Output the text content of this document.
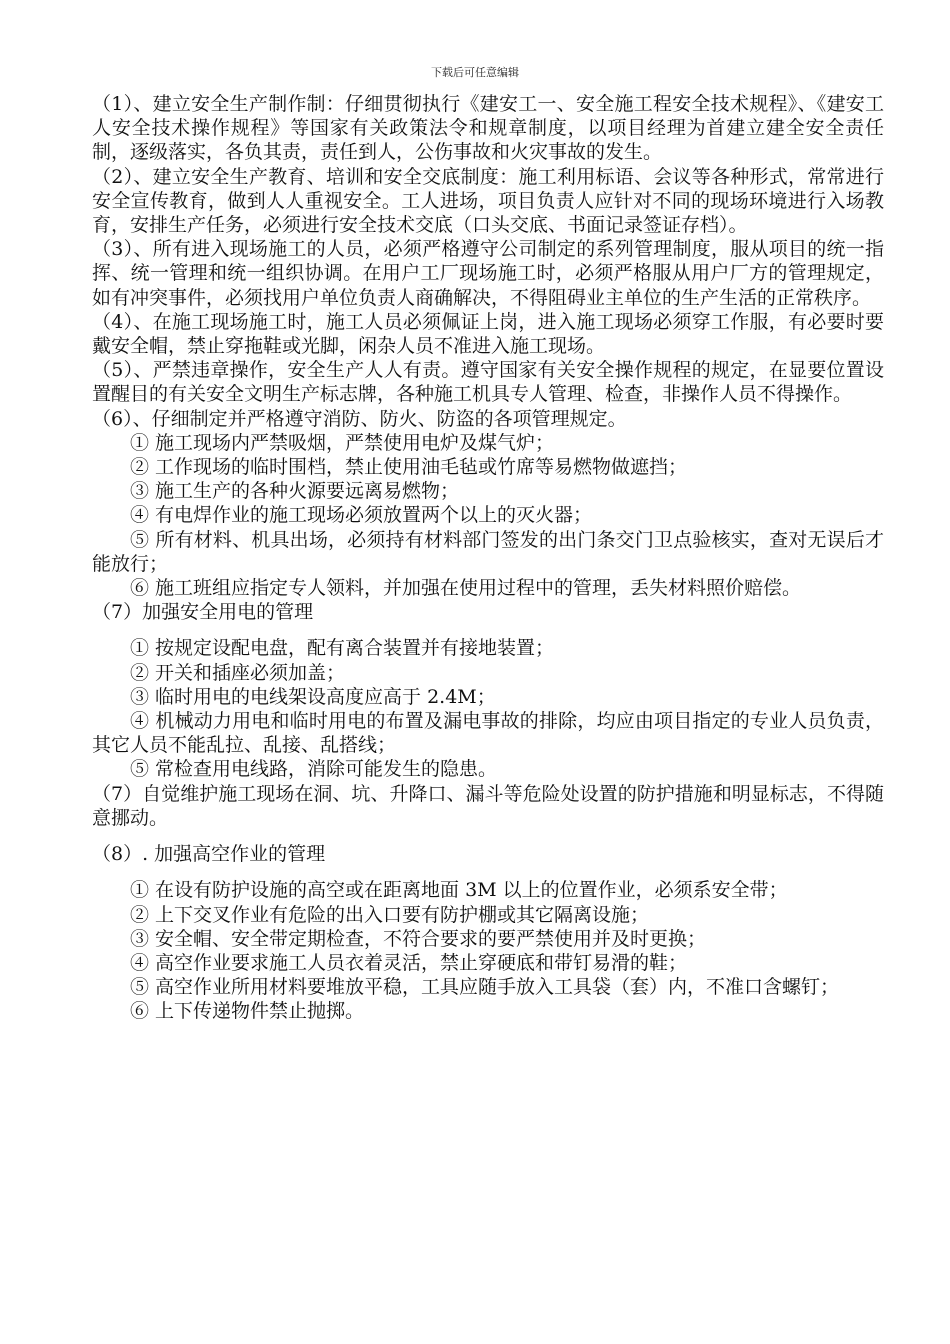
下载后可任意编辑

（1）、建立安全生产制作制：仔细贯彻执行《建安工一、安全施工程安全技术规程》、《建安工人安全技术操作规程》等国家有关政策法令和规章制度，以项目经理为首建立建全安全责任制，逐级落实，各负其责，责任到人，公伤事故和火灾事故的发生。

（2）、建立安全生产教育、培训和安全交底制度：施工利用标语、会议等各种形式，常常进行安全宣传教育，做到人人重视安全。工人进场，项目负责人应针对不同的现场环境进行入场教育，安排生产任务，必须进行安全技术交底（口头交底、书面记录签证存档）。

（3）、所有进入现场施工的人员，必须严格遵守公司制定的系列管理制度，服从项目的统一指挥、统一管理和统一组织协调。在用户工厂现场施工时，必须严格服从用户厂方的管理规定，如有冲突事件，必须找用户单位负责人商确解决，不得阻碍业主单位的生产生活的正常秩序。

（4）、在施工现场施工时，施工人员必须佩证上岗，进入施工现场必须穿工作服，有必要时要戴安全帽，禁止穿拖鞋或光脚，闲杂人员不准进入施工现场。

（5）、严禁违章操作，安全生产人人有责。遵守国家有关安全操作规程的规定，在显要位置设置醒目的有关安全文明生产标志牌，各种施工机具专人管理、检查，非操作人员不得操作。

（6）、仔细制定并严格遵守消防、防火、防盗的各项管理规定。

① 施工现场内严禁吸烟，严禁使用电炉及煤气炉；

② 工作现场的临时围档，禁止使用油毛毡或竹席等易燃物做遮挡；

③ 施工生产的各种火源要远离易燃物；

④ 有电焊作业的施工现场必须放置两个以上的灭火器；

⑤ 所有材料、机具出场，必须持有材料部门签发的出门条交门卫点验核实，查对无误后才能放行；

⑥ 施工班组应指定专人领料，并加强在使用过程中的管理，丢失材料照价赔偿。

（7）加强安全用电的管理

① 按规定设配电盘，配有离合装置并有接地装置；

② 开关和插座必须加盖；

③ 临时用电的电线架设高度应高于 2.4M；

④ 机械动力用电和临时用电的布置及漏电事故的排除，均应由项目指定的专业人员负责，其它人员不能乱拉、乱接、乱搭线；

⑤ 常检查用电线路，消除可能发生的隐患。

（7）自觉维护施工现场在洞、坑、升降口、漏斗等危险处设置的防护措施和明显标志，不得随意挪动。

（8）. 加强高空作业的管理

① 在设有防护设施的高空或在距离地面 3M 以上的位置作业，必须系安全带；

② 上下交叉作业有危险的出入口要有防护棚或其它隔离设施；

③ 安全帽、安全带定期检查，不符合要求的要严禁使用并及时更换；

④ 高空作业要求施工人员衣着灵活，禁止穿硬底和带钉易滑的鞋；

⑤ 高空作业所用材料要堆放平稳，工具应随手放入工具袋（套）内，不准口含螺钉；

⑥ 上下传递物件禁止抛掷。
